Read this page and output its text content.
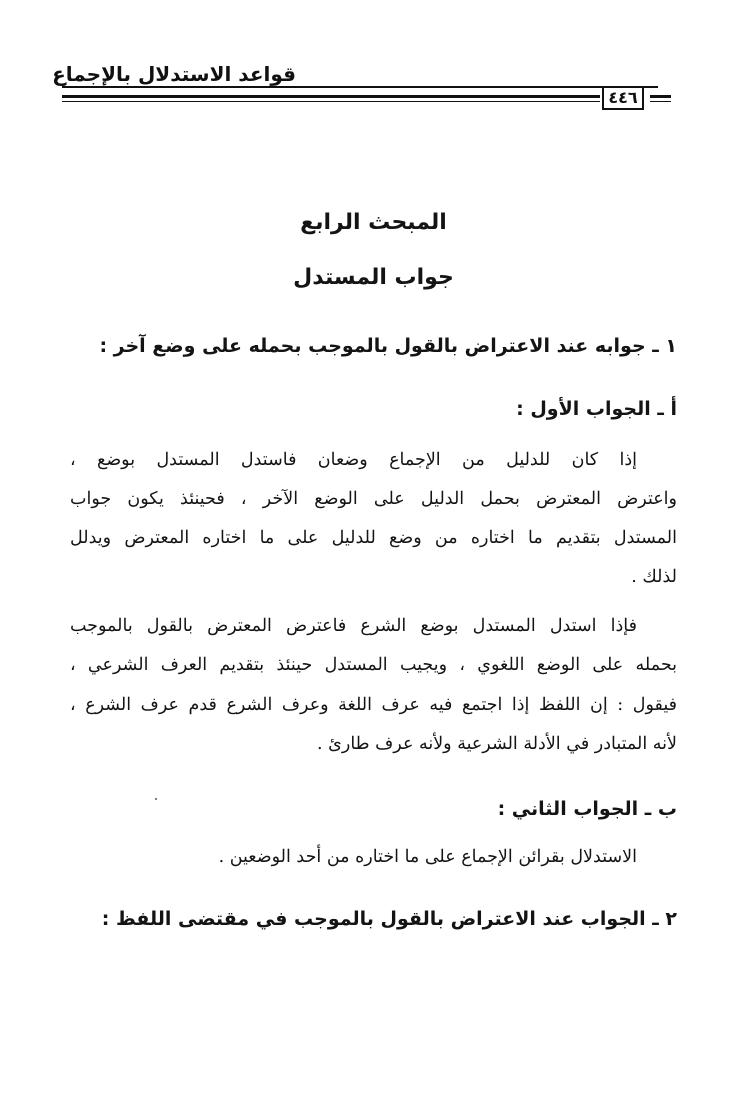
قواعد الاستدلال بالإجماع
٤٤٦
المبحث الرابع
جواب المستدل
١ ـ جوابه عند الاعتراض بالقول بالموجب بحمله على وضع آخر :
أ ـ الجواب الأول :
إذا كان للدليل من الإجماع وضعان فاستدل المستدل بوضع ،
واعترض المعترض بحمل الدليل على الوضع الآخر ، فحينئذ يكون جواب
المستدل بتقديم ما اختاره من وضع للدليل على ما اختاره المعترض ويدلل
لذلك .
فإذا استدل المستدل بوضع الشرع فاعترض المعترض بالقول بالموجب
بحمله على الوضع اللغوي ، ويجيب المستدل حينئذ بتقديم العرف الشرعي ،
فيقول : إن اللفظ إذا اجتمع فيه عرف اللغة وعرف الشرع قدم عرف الشرع ،
لأنه المتبادر في الأدلة الشرعية ولأنه عرف طارئ .
ب ـ الجواب الثاني :
الاستدلال بقرائن الإجماع على ما اختاره من أحد الوضعين .
٢ ـ الجواب عند الاعتراض بالقول بالموجب في مقتضى اللفظ :
